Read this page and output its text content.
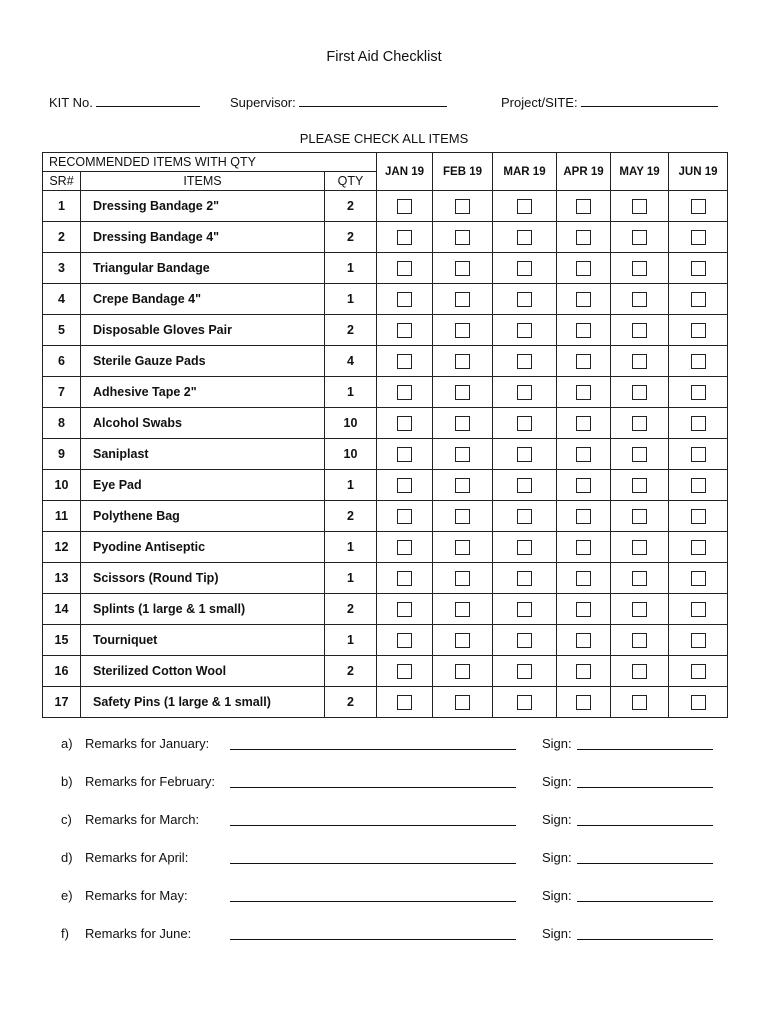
First Aid Checklist
KIT No.	Supervisor:	Project/SITE:
PLEASE CHECK ALL ITEMS
RECOMMENDED ITEMS WITH QTY			JAN 19	FEB 19	MAR 19	APR 19	MAY 19	JUN 19
SR#	ITEMS	QTY						
1	Dressing Bandage 2"	2						
2	Dressing Bandage 4"	2						
3	Triangular Bandage	1						
4	Crepe Bandage 4"	1						
5	Disposable Gloves Pair	2						
6	Sterile Gauze Pads	4						
7	Adhesive Tape 2"	1						
8	Alcohol Swabs	10						
9	Saniplast	10						
10	Eye Pad	1						
11	Polythene Bag	2						
12	Pyodine Antiseptic	1						
13	Scissors (Round Tip)	1						
14	Splints (1 large & 1 small)	2						
15	Tourniquet	1						
16	Sterilized Cotton Wool	2						
17	Safety Pins (1 large & 1 small)	2						
a) Remarks for January:	Sign:
b) Remarks for February:	Sign:
c) Remarks for March:	Sign:
d) Remarks for April:	Sign:
e) Remarks for May:	Sign:
f) Remarks for June:	Sign:
